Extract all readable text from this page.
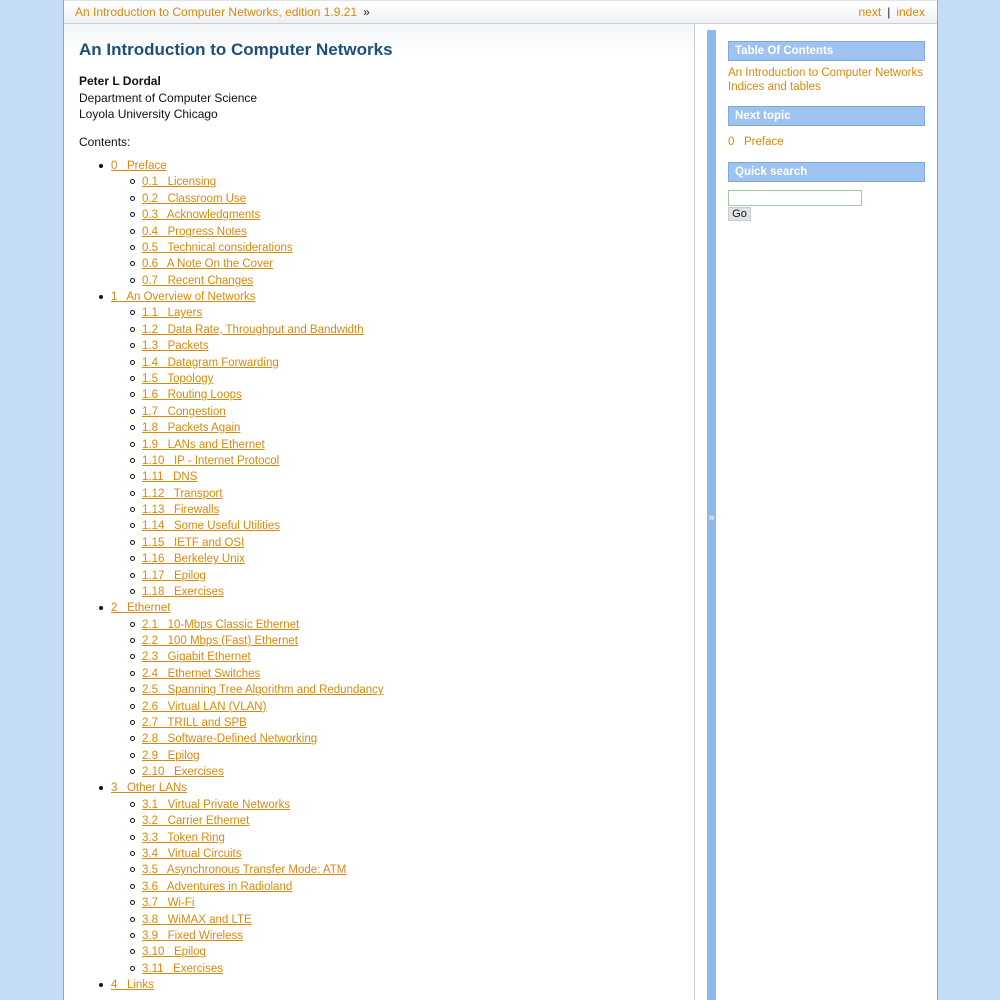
An Introduction to Computer Networks, edition 1.9.21 »	next | index
An Introduction to Computer Networks
Peter L Dordal
Department of Computer Science
Loyola University Chicago
Contents:
0   Preface
0.1   Licensing
0.2   Classroom Use
0.3   Acknowledgments
0.4   Progress Notes
0.5   Technical considerations
0.6   A Note On the Cover
0.7   Recent Changes
1   An Overview of Networks
1.1   Layers
1.2   Data Rate, Throughput and Bandwidth
1.3   Packets
1.4   Datagram Forwarding
1.5   Topology
1.6   Routing Loops
1.7   Congestion
1.8   Packets Again
1.9   LANs and Ethernet
1.10   IP - Internet Protocol
1.11   DNS
1.12   Transport
1.13   Firewalls
1.14   Some Useful Utilities
1.15   IETF and OSI
1.16   Berkeley Unix
1.17   Epilog
1.18   Exercises
2   Ethernet
2.1   10-Mbps Classic Ethernet
2.2   100 Mbps (Fast) Ethernet
2.3   Gigabit Ethernet
2.4   Ethernet Switches
2.5   Spanning Tree Algorithm and Redundancy
2.6   Virtual LAN (VLAN)
2.7   TRILL and SPB
2.8   Software-Defined Networking
2.9   Epilog
2.10   Exercises
3   Other LANs
3.1   Virtual Private Networks
3.2   Carrier Ethernet
3.3   Token Ring
3.4   Virtual Circuits
3.5   Asynchronous Transfer Mode: ATM
3.6   Adventures in Radioland
3.7   Wi-Fi
3.8   WiMAX and LTE
3.9   Fixed Wireless
3.10   Epilog
3.11   Exercises
4   Links
»
Table Of Contents
An Introduction to Computer Networks
Indices and tables
Next topic
0   Preface
Quick search
Go
